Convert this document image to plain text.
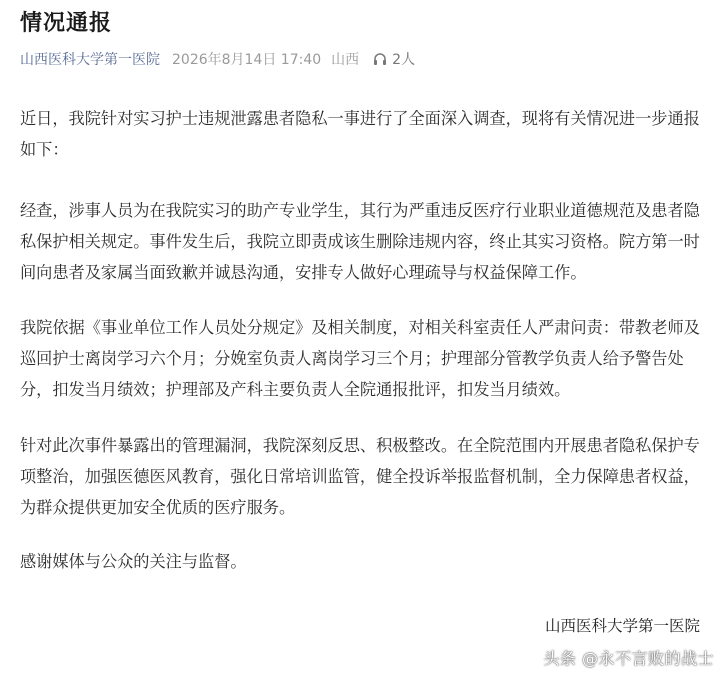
情况通报
山西医科大学第一医院 2026年8月14日 17:40 山西 2人

近日，我院针对实习护士违规泄露患者隐私一事进行了全面深入调查，现将有关情况进一步通报如下：

经查，涉事人员为在我院实习的助产专业学生，其行为严重违反医疗行业职业道德规范及患者隐私保护相关规定。事件发生后，我院立即责成该生删除违规内容，终止其实习资格。院方第一时间向患者及家属当面致歉并诚恳沟通，安排专人做好心理疏导与权益保障工作。

我院依据《事业单位工作人员处分规定》及相关制度，对相关科室责任人严肃问责：带教老师及巡回护士离岗学习六个月；分娩室负责人离岗学习三个月；护理部分管教学负责人给予警告处分，扣发当月绩效；护理部及产科主要负责人全院通报批评，扣发当月绩效。

针对此次事件暴露出的管理漏洞，我院深刻反思、积极整改。在全院范围内开展患者隐私保护专项整治，加强医德医风教育，强化日常培训监管，健全投诉举报监督机制，全力保障患者权益，为群众提供更加安全优质的医疗服务。

感谢媒体与公众的关注与监督。

山西医科大学第一医院
头条 @永不言败的战士
